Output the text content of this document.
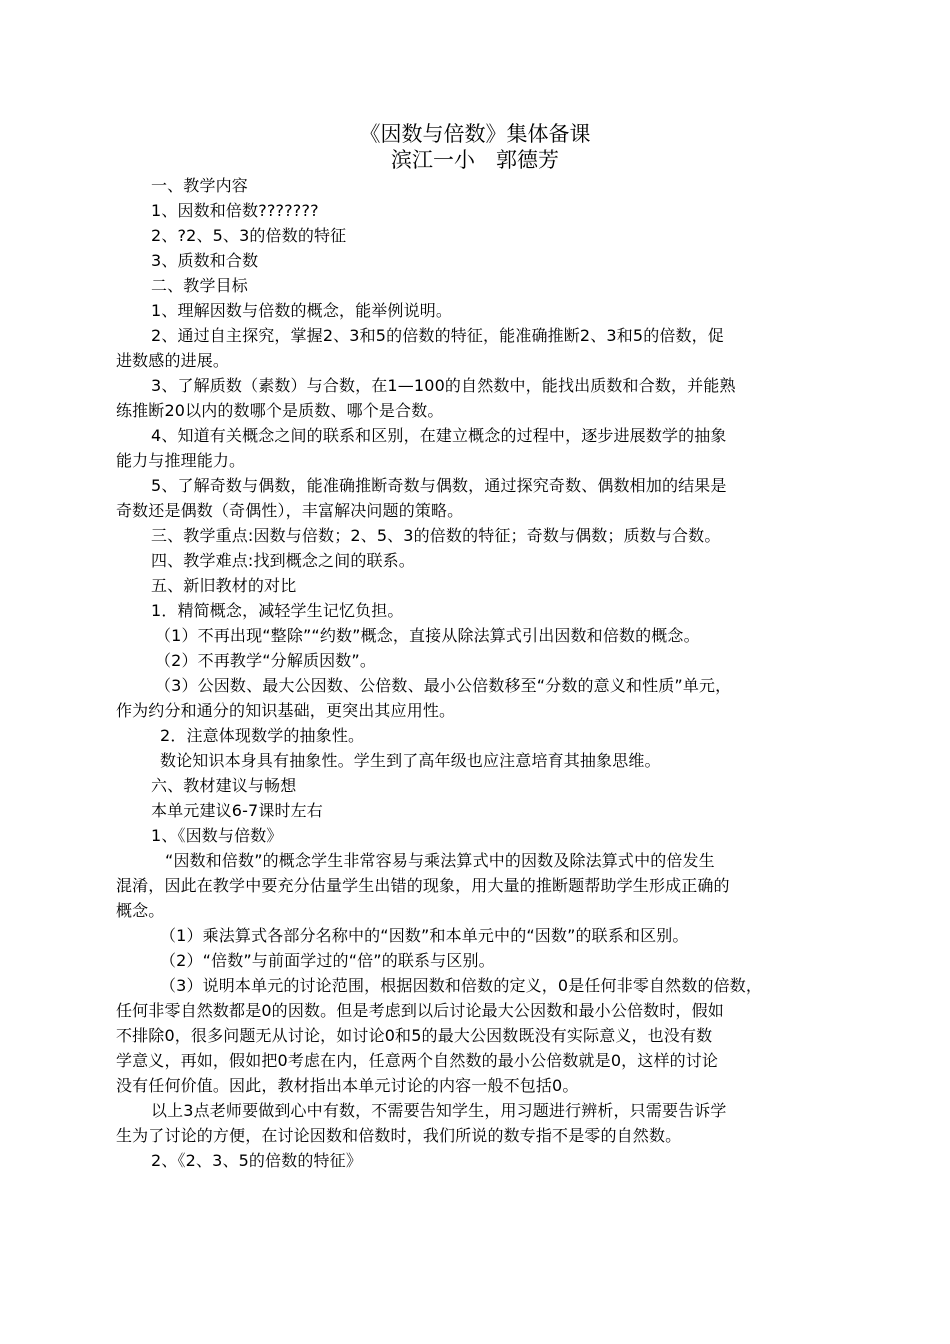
《因数与倍数》集体备课
滨江一小　郭德芳
一、教学内容
1、因数和倍数???????
2、?2、5、3的倍数的特征
3、质数和合数
二、教学目标
1、理解因数与倍数的概念，能举例说明。
2、通过自主探究，掌握2、3和5的倍数的特征，能准确推断2、3和5的倍数，促
进数感的进展。
3、了解质数（素数）与合数，在1—100的自然数中，能找出质数和合数，并能熟
练推断20以内的数哪个是质数、哪个是合数。
4、知道有关概念之间的联系和区别，在建立概念的过程中，逐步进展数学的抽象
能力与推理能力。
5、了解奇数与偶数，能准确推断奇数与偶数，通过探究奇数、偶数相加的结果是
奇数还是偶数（奇偶性），丰富解决问题的策略。
三、教学重点:因数与倍数；2、5、3的倍数的特征；奇数与偶数；质数与合数。
四、教学难点:找到概念之间的联系。
五、新旧教材的对比
1．精简概念，减轻学生记忆负担。
（1）不再出现“整除”“约数”概念，直接从除法算式引出因数和倍数的概念。
（2）不再教学“分解质因数”。
（3）公因数、最大公因数、公倍数、最小公倍数移至“分数的意义和性质”单元，
作为约分和通分的知识基础，更突出其应用性。
2．注意体现数学的抽象性。
数论知识本身具有抽象性。学生到了高年级也应注意培育其抽象思维。
六、教材建议与畅想
本单元建议6-7课时左右
1、《因数与倍数》
“因数和倍数”的概念学生非常容易与乘法算式中的因数及除法算式中的倍发生
混淆，因此在教学中要充分估量学生出错的现象，用大量的推断题帮助学生形成正确的
概念。
（1）乘法算式各部分名称中的“因数”和本单元中的“因数”的联系和区别。
（2）“倍数”与前面学过的“倍”的联系与区别。
（3）说明本单元的讨论范围，根据因数和倍数的定义，0是任何非零自然数的倍数，
任何非零自然数都是0的因数。但是考虑到以后讨论最大公因数和最小公倍数时，假如
不排除0，很多问题无从讨论，如讨论0和5的最大公因数既没有实际意义，也没有数
学意义，再如，假如把0考虑在内，任意两个自然数的最小公倍数就是0，这样的讨论
没有任何价值。因此，教材指出本单元讨论的内容一般不包括0。
以上3点老师要做到心中有数，不需要告知学生，用习题进行辨析，只需要告诉学
生为了讨论的方便，在讨论因数和倍数时，我们所说的数专指不是零的自然数。
2、《2、3、5的倍数的特征》
